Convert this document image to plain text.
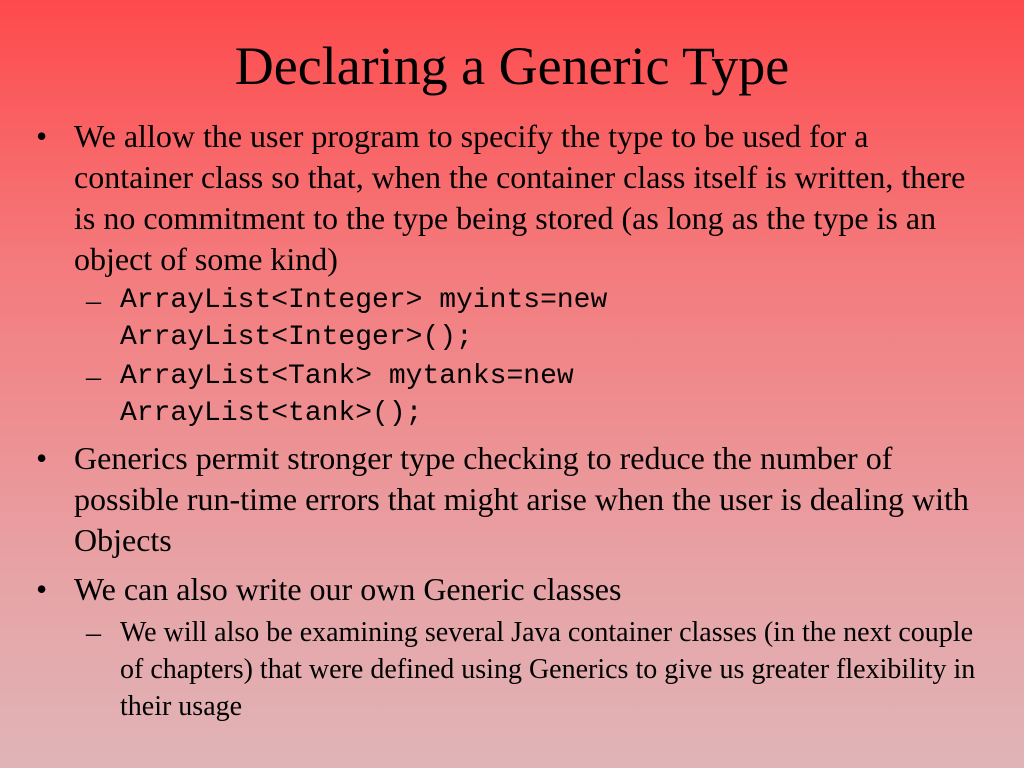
Declaring a Generic Type
• We allow the user program to specify the type to be used for a container class so that, when the container class itself is written, there is no commitment to the type being stored (as long as the type is an object of some kind)
– ArrayList<Integer> myints=new
ArrayList<Integer>();
– ArrayList<Tank> mytanks=new
ArrayList<tank>();
• Generics permit stronger type checking to reduce the number of possible run-time errors that might arise when the user is dealing with Objects
• We can also write our own Generic classes
– We will also be examining several Java container classes (in the next couple of chapters) that were defined using Generics to give us greater flexibility in their usage
